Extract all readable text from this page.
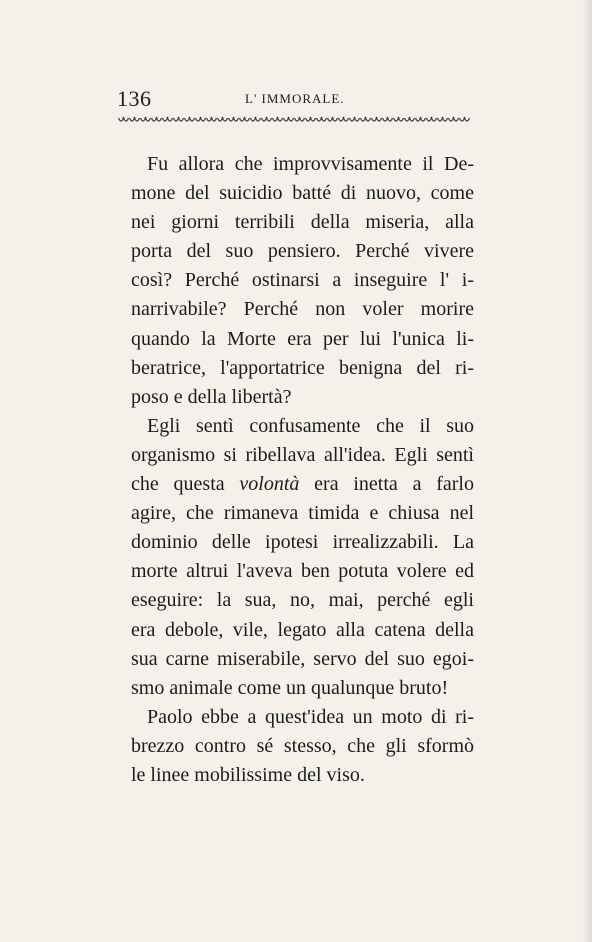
136	L' IMMORALE.
Fu allora che improvvisamente il De-
mone del suicidio batté di nuovo, come
nei giorni terribili della miseria, alla
porta del suo pensiero. Perché vivere
così? Perché ostinarsi a inseguire l' i-
narrivabile? Perché non voler morire
quando la Morte era per lui l'unica li-
beratrice, l'apportatrice benigna del ri-
poso e della libertà?
Egli sentì confusamente che il suo
organismo si ribellava all'idea. Egli sentì
che questa volontà era inetta a farlo
agire, che rimaneva timida e chiusa nel
dominio delle ipotesi irrealizzabili. La
morte altrui l'aveva ben potuta volere ed
eseguire: la sua, no, mai, perché egli
era debole, vile, legato alla catena della
sua carne miserabile, servo del suo egoi-
smo animale come un qualunque bruto!
Paolo ebbe a quest'idea un moto di ri-
brezzo contro sé stesso, che gli sformò
le linee mobilissime del viso.
